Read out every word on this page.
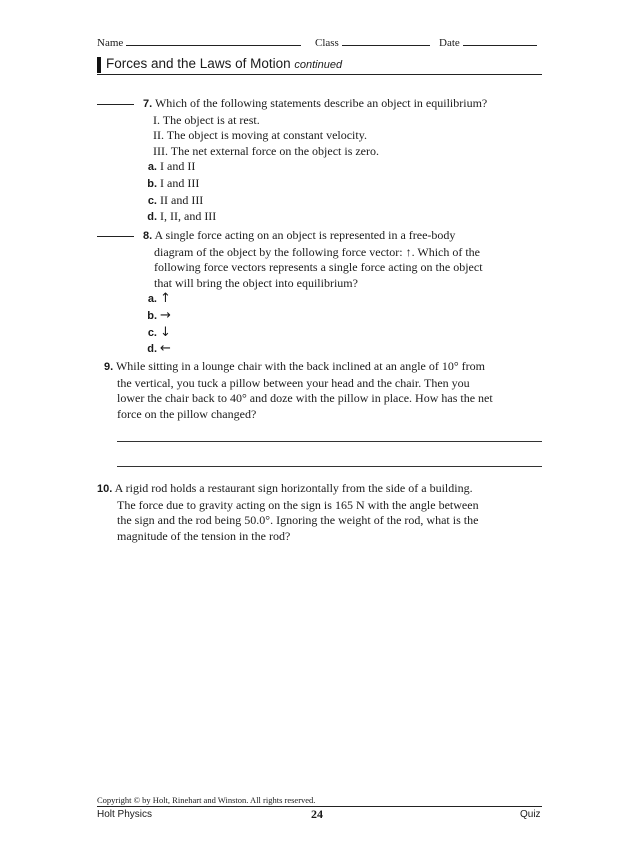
Name	Class	Date
Forces and the Laws of Motion continued
7. Which of the following statements describe an object in equilibrium?
I. The object is at rest.
II. The object is moving at constant velocity.
III. The net external force on the object is zero.
a. I and II
b. I and III
c. II and III
d. I, II, and III
8. A single force acting on an object is represented in a free-body
diagram of the object by the following force vector: ↑. Which of the
following force vectors represents a single force acting on the object
that will bring the object into equilibrium?
a. ↑
b. →
c. ↓
d. ←
9. While sitting in a lounge chair with the back inclined at an angle of 10° from
the vertical, you tuck a pillow between your head and the chair. Then you
lower the chair back to 40° and doze with the pillow in place. How has the net
force on the pillow changed?
10. A rigid rod holds a restaurant sign horizontally from the side of a building.
The force due to gravity acting on the sign is 165 N with the angle between
the sign and the rod being 50.0°. Ignoring the weight of the rod, what is the
magnitude of the tension in the rod?
Copyright © by Holt, Rinehart and Winston. All rights reserved.
Holt Physics	24	Quiz
